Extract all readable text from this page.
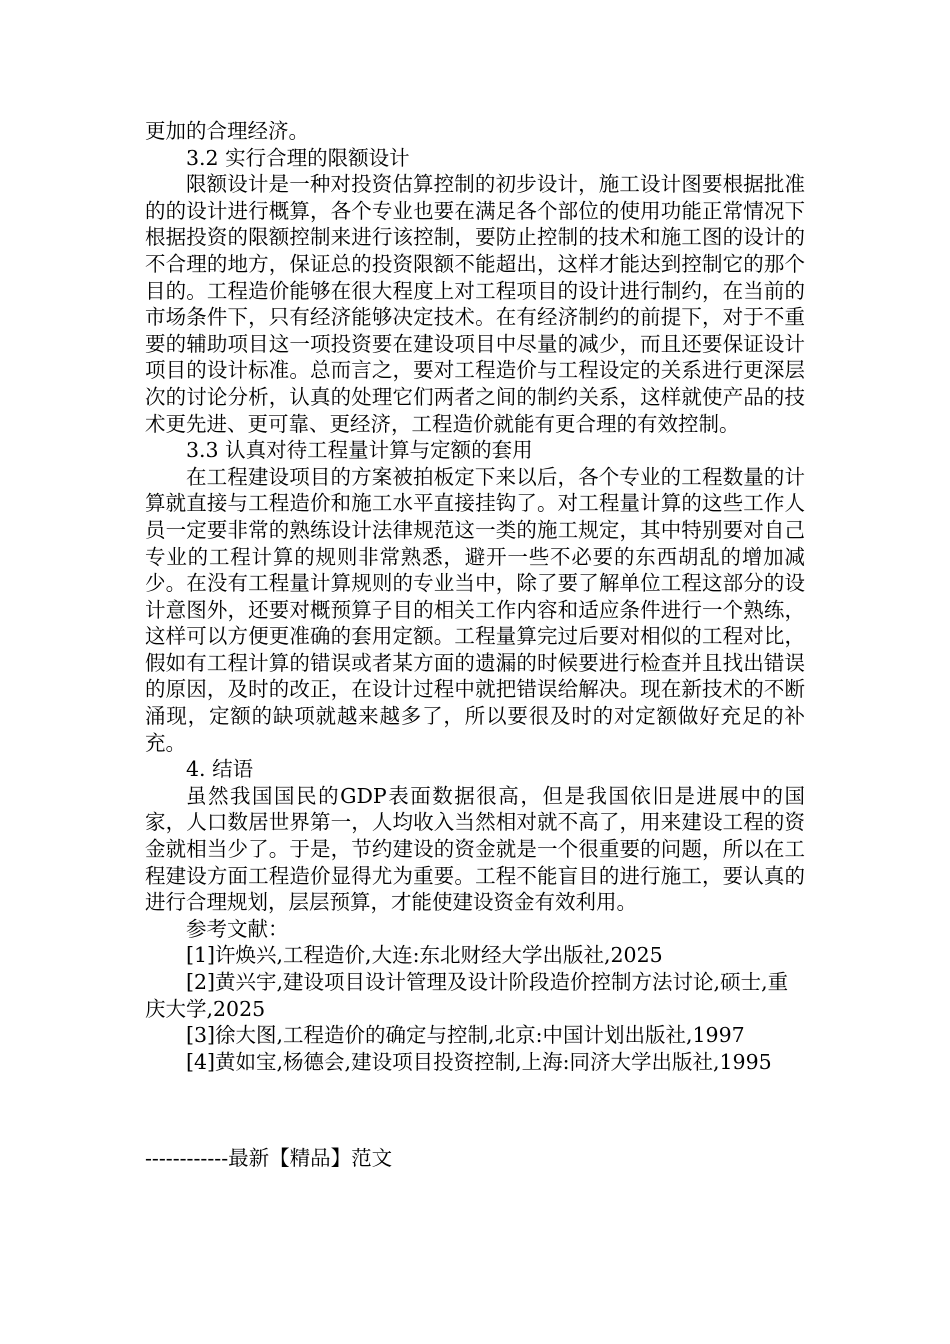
更加的合理经济。

3.2 实行合理的限额设计

限额设计是一种对投资估算控制的初步设计，施工设计图要根据批准的的设计进行概算，各个专业也要在满足各个部位的使用功能正常情况下根据投资的限额控制来进行该控制，要防止控制的技术和施工图的设计的不合理的地方，保证总的投资限额不能超出，这样才能达到控制它的那个目的。工程造价能够在很大程度上对工程项目的设计进行制约，在当前的市场条件下，只有经济能够决定技术。在有经济制约的前提下，对于不重要的辅助项目这一项投资要在建设项目中尽量的减少，而且还要保证设计项目的设计标准。总而言之，要对工程造价与工程设定的关系进行更深层次的讨论分析，认真的处理它们两者之间的制约关系，这样就使产品的技术更先进、更可靠、更经济，工程造价就能有更合理的有效控制。

3.3 认真对待工程量计算与定额的套用

在工程建设项目的方案被拍板定下来以后，各个专业的工程数量的计算就直接与工程造价和施工水平直接挂钩了。对工程量计算的这些工作人员一定要非常的熟练设计法律规范这一类的施工规定，其中特别要对自己专业的工程计算的规则非常熟悉，避开一些不必要的东西胡乱的增加减少。在没有工程量计算规则的专业当中，除了要了解单位工程这部分的设计意图外，还要对概预算子目的相关工作内容和适应条件进行一个熟练，这样可以方便更准确的套用定额。工程量算完过后要对相似的工程对比，假如有工程计算的错误或者某方面的遗漏的时候要进行检查并且找出错误的原因，及时的改正，在设计过程中就把错误给解决。现在新技术的不断涌现，定额的缺项就越来越多了，所以要很及时的对定额做好充足的补充。

4. 结语

虽然我国国民的GDP表面数据很高，但是我国依旧是进展中的国家，人口数居世界第一，人均收入当然相对就不高了，用来建设工程的资金就相当少了。于是，节约建设的资金就是一个很重要的问题，所以在工程建设方面工程造价显得尤为重要。工程不能盲目的进行施工，要认真的进行合理规划，层层预算，才能使建设资金有效利用。

参考文献：

[1]许焕兴,工程造价,大连:东北财经大学出版社,2025

[2]黄兴宇,建设项目设计管理及设计阶段造价控制方法讨论,硕士,重庆大学,2025

[3]徐大图,工程造价的确定与控制,北京:中国计划出版社,1997

[4]黄如宝,杨德会,建设项目投资控制,上海:同济大学出版社,1995

------------最新【精品】范文
